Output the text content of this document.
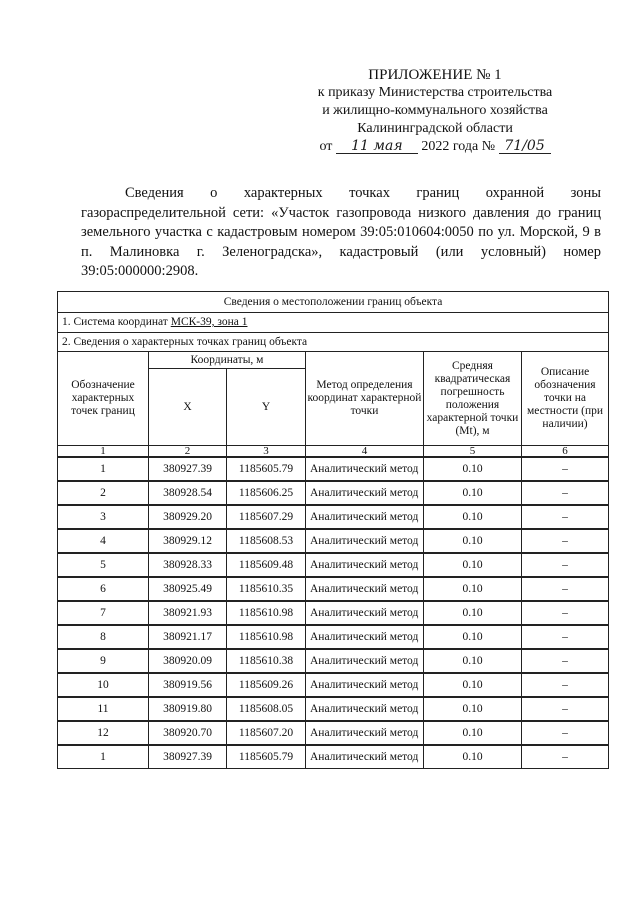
ПРИЛОЖЕНИЕ № 1
к приказу Министерства строительства
и жилищно-коммунального хозяйства
Калининградской области
от 11 мая 2022 года № 71/05
Сведения о характерных точках границ охранной зоны газораспределительной сети: «Участок газопровода низкого давления до границ земельного участка с кадастровым номером 39:05:010604:0050 по ул. Морской, 9 в п. Малиновка г. Зеленоградска», кадастровый (или условный) номер 39:05:000000:2908.
Сведения о местоположении границ объекта					
1. Система координат МСК-39, зона 1					
2. Сведения о характерных точках границ объекта					
Обозначение характерных точек границ	Координаты, м		Метод определения координат характерной точки	Средняя квадратическая погрешность положения характерной точки (Mt), м	Описание обозначения точки на местности (при наличии)
	X	Y			
1	2	3	4	5	6
1	380927.39	1185605.79	Аналитический метод	0.10	–
2	380928.54	1185606.25	Аналитический метод	0.10	–
3	380929.20	1185607.29	Аналитический метод	0.10	–
4	380929.12	1185608.53	Аналитический метод	0.10	–
5	380928.33	1185609.48	Аналитический метод	0.10	–
6	380925.49	1185610.35	Аналитический метод	0.10	–
7	380921.93	1185610.98	Аналитический метод	0.10	–
8	380921.17	1185610.98	Аналитический метод	0.10	–
9	380920.09	1185610.38	Аналитический метод	0.10	–
10	380919.56	1185609.26	Аналитический метод	0.10	–
11	380919.80	1185608.05	Аналитический метод	0.10	–
12	380920.70	1185607.20	Аналитический метод	0.10	–
1	380927.39	1185605.79	Аналитический метод	0.10	–
